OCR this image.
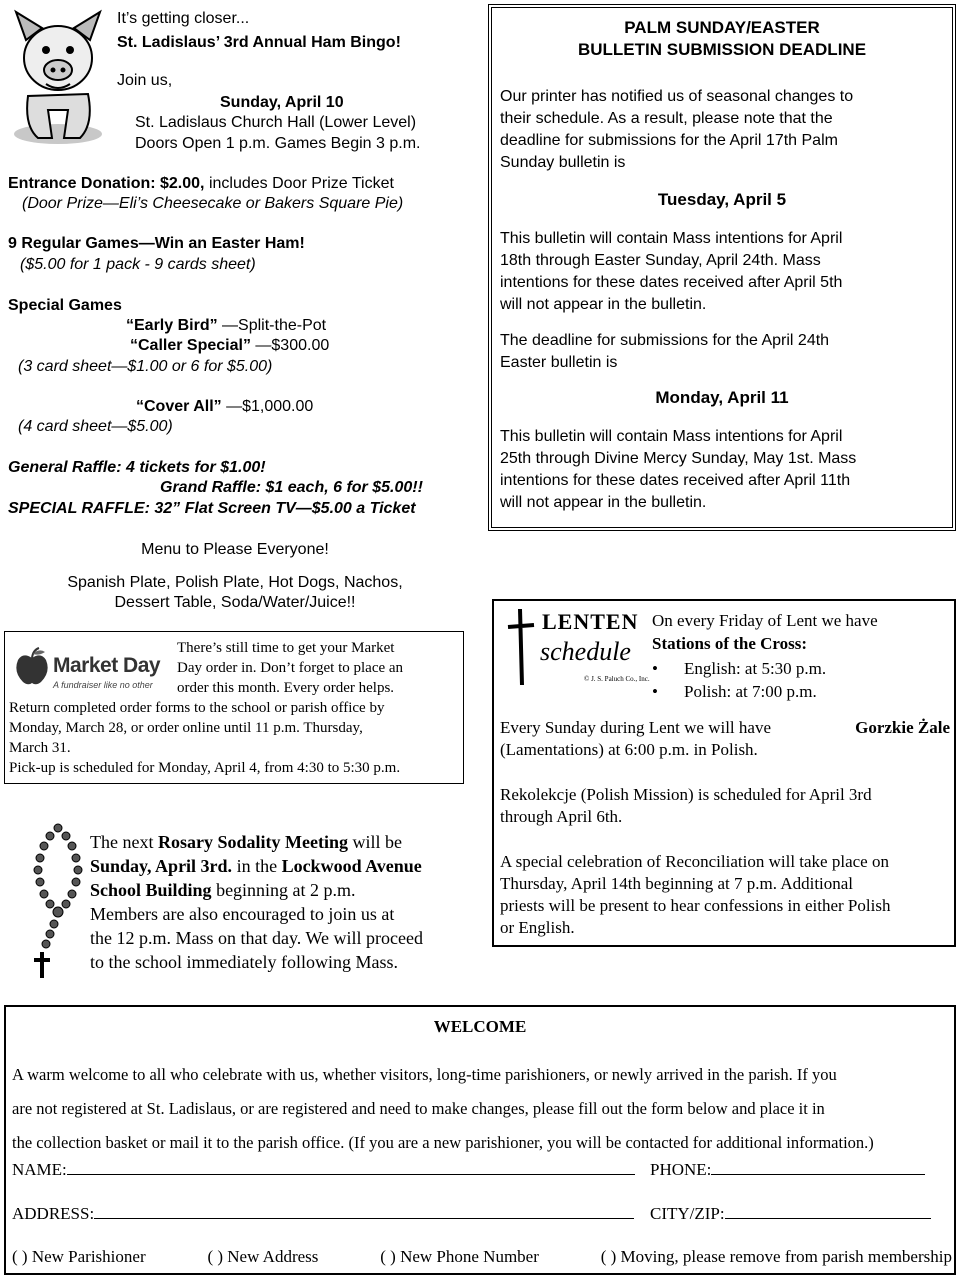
It’s getting closer...
St. Ladislaus’ 3rd Annual Ham Bingo!
Join us,
Sunday, April 10
St. Ladislaus Church Hall (Lower Level)
Doors Open 1 p.m. Games Begin 3 p.m.
Entrance Donation: $2.00, includes Door Prize Ticket
(Door Prize—Eli’s Cheesecake or Bakers Square Pie)
9 Regular Games—Win an Easter Ham!
($5.00 for 1 pack - 9 cards sheet)
Special Games
“Early Bird” —Split-the-Pot
“Caller Special” —$300.00
(3 card sheet—$1.00 or 6 for $5.00)
“Cover All” —$1,000.00
(4 card sheet—$5.00)
General Raffle: 4 tickets for $1.00!
Grand Raffle: $1 each, 6 for $5.00!!
SPECIAL RAFFLE: 32” Flat Screen TV—$5.00 a Ticket
Menu to Please Everyone!
Spanish Plate, Polish Plate, Hot Dogs, Nachos,
Dessert Table, Soda/Water/Juice!!
PALM SUNDAY/EASTER
BULLETIN SUBMISSION DEADLINE
Our printer has notified us of seasonal changes to
their schedule. As a result, please note that the
deadline for submissions for the April 17th Palm
Sunday bulletin is
Tuesday, April 5
This bulletin will contain Mass intentions for April
18th through Easter Sunday, April 24th. Mass
intentions for these dates received after April 5th
will not appear in the bulletin.
The deadline for submissions for the April 24th
Easter bulletin is
Monday, April 11
This bulletin will contain Mass intentions for April
25th through Divine Mercy Sunday, May 1st. Mass
intentions for these dates received after April 11th
will not appear in the bulletin.
Market Day
A fundraiser like no other
There’s still time to get your Market
Day order in. Don’t forget to place an
order this month. Every order helps.
Return completed order forms to the school or parish office by
Monday, March 28, or order online until 11 p.m. Thursday,
March 31.
Pick-up is scheduled for Monday, April 4, from 4:30 to 5:30 p.m.
The next Rosary Sodality Meeting will be
Sunday, April 3rd. in the Lockwood Avenue
School Building beginning at 2 p.m.
Members are also encouraged to join us at
the 12 p.m. Mass on that day. We will proceed
to the school immediately following Mass.
LENTEN
schedule
© J. S. Paluch Co., Inc.
On every Friday of Lent we have
Stations of the Cross:
• English: at 5:30 p.m.
• Polish: at 7:00 p.m.
Every Sunday during Lent we will have	Gorzkie Żale
(Lamentations) at 6:00 p.m. in Polish.
Rekolekcje (Polish Mission) is scheduled for April 3rd
through April 6th.
A special celebration of Reconciliation will take place on
Thursday, April 14th beginning at 7 p.m. Additional
priests will be present to hear confessions in either Polish
or English.
WELCOME
A warm welcome to all who celebrate with us, whether visitors, long-time parishioners, or newly arrived in the parish. If you
are not registered at St. Ladislaus, or are registered and need to make changes, please fill out the form below and place it in
the collection basket or mail it to the parish office. (If you are a new parishioner, you will be contacted for additional information.)
NAME:	PHONE:
ADDRESS:	CITY/ZIP:
( ) New Parishioner	( ) New Address	( ) New Phone Number	( ) Moving, please remove from parish membership
